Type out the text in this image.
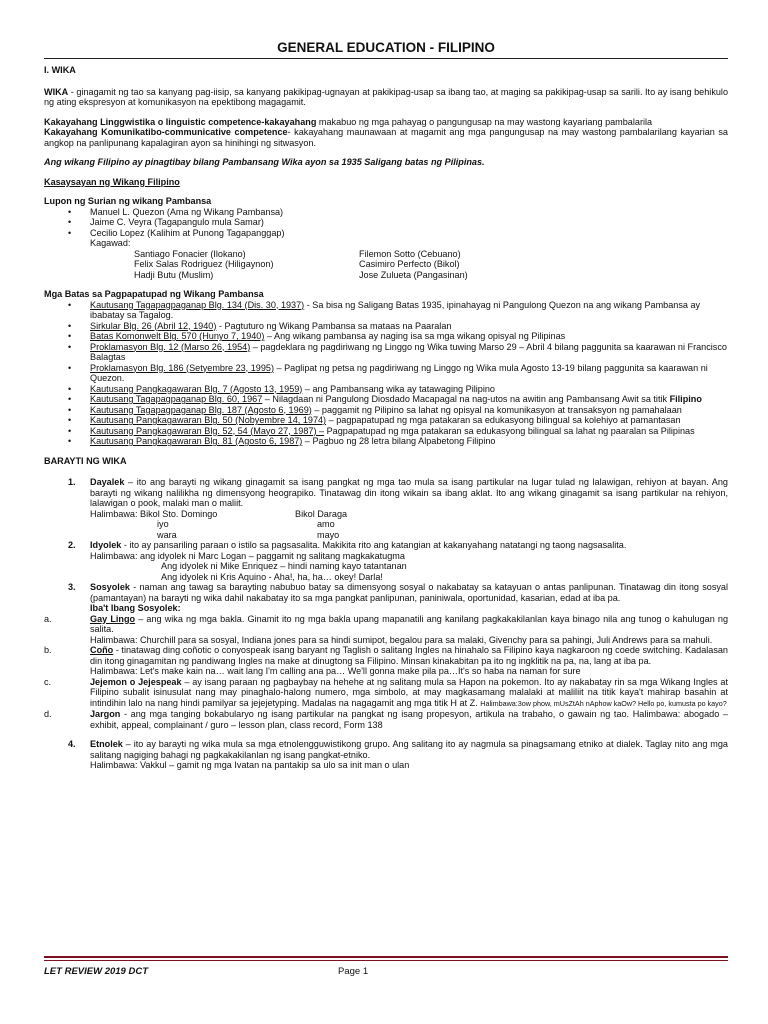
GENERAL EDUCATION - FILIPINO
I. WIKA

WIKA - ginagamit ng tao sa kanyang pag-iisip, sa kanyang pakikipag-ugnayan at pakikipag-usap sa ibang tao, at maging sa pakikipag-usap sa sarili. Ito ay isang behikulo ng ating ekspresyon at komunikasyon na epektibong magagamit.

Kakayahang Linggwistika o linguistic competence-kakayahang makabuo ng mga pahayag o pangungusap na may wastong kayariang pambalarila

Kakayahang Komunikatibo-communicative competence- kakayahang maunawaan at magamit ang mga pangungusap na may wastong pambalarilang kayarian sa angkop na panlipunang kapalagiran ayon sa hinihingi ng sitwasyon.

Ang wikang Filipino ay pinagtibay bilang Pambansang Wika ayon sa 1935 Saligang batas ng Pilipinas.

Kasaysayan ng Wikang Filipino

Lupon ng Surian ng wikang Pambansa

• Manuel L. Quezon (Ama ng Wikang Pambansa)
• Jaime C. Veyra (Tagapangulo mula Samar)
• Cecilio Lopez (Kalihim at Punong Tagapanggap)
Kagawad:
Santiago Fonacier (Ilokano)	Filemon Sotto (Cebuano)
Felix Salas Rodriguez (Hiligaynon)	Casimiro Perfecto (Bikol)
Hadji Butu (Muslim)	Jose Zulueta (Pangasinan)

Mga Batas sa Pagpapatupad ng Wikang Pambansa

• Kautusang Tagapagpaganap Blg. 134 (Dis. 30, 1937) - Sa bisa ng Saligang Batas 1935, ipinahayag ni Pangulong Quezon na ang wikang Pambansa ay ibabatay sa Tagalog.
• Sirkular Blg. 26 (Abril 12, 1940) - Pagtuturo ng Wikang Pambansa sa mataas na Paaralan
• Batas Komonwelt Blg. 570 (Hunyo 7, 1940) – Ang wikang pambansa ay naging isa sa mga wikang opisyal ng Pilipinas
• Proklamasyon Blg. 12 (Marso 26, 1954) – pagdeklara ng pagdiriwang ng Linggo ng Wika tuwing Marso 29 – Abril 4 bilang paggunita sa kaarawan ni Francisco Balagtas
• Proklamasyon Blg. 186 (Setyembre 23, 1995) – Paglipat ng petsa ng pagdiriwang ng Linggo ng Wika mula Agosto 13-19 bilang paggunita sa kaarawan ni Quezon.
• Kautusang Pangkagawaran Blg. 7 (Agosto 13, 1959) – ang Pambansang wika ay tatawaging Pilipino
• Kautusang Tagapagpaganap Blg. 60, 1967 – Nilagdaan ni Pangulong Diosdado Macapagal na nag-utos na awitin ang Pambansang Awit sa titik Filipino
• Kautusang Tagapagpaganap Blg. 187 (Agosto 6, 1969) – paggamit ng Pilipino sa lahat ng opisyal na komunikasyon at transaksyon ng pamahalaan
• Kautusang Pangkagawaran Blg. 50 (Nobyembre 14, 1974) – pagpapatupad ng mga patakaran sa edukasyong bilingual sa kolehiyo at pamantasan
• Kautusang Pangkagawaran Blg. 52, 54 (Mayo 27, 1987) – Pagpapatupad ng mga patakaran sa edukasyong bilingual sa lahat ng paaralan sa Pilipinas
• Kautusang Pangkagawaran Blg. 81 (Agosto 6, 1987) – Pagbuo ng 28 letra bilang Alpabetong Filipino
BARAYTI NG WIKA
1. Dayalek – ito ang barayti ng wikang ginagamit sa isang pangkat ng mga tao mula sa isang partikular na lugar tulad ng lalawigan, rehiyon at bayan. Ang barayti ng wikang nalilikha ng dimensyong heograpiko. Tinatawag din itong wikain sa ibang aklat. Ito ang wikang ginagamit sa isang partikular na rehiyon, lalawigan o pook, malaki man o maliit.
Halimbawa: Bikol Sto. Domingo	Bikol Daraga
iyo	amo
wara	mayo
2. Idyolek - ito ay pansariling paraan o istilo sa pagsasalita. Makikita rito ang katangian at kakanyahang natatangi ng taong nagsasalita.
Halimbawa: ang idyolek ni Marc Logan – paggamit ng salitang magkakatugma
Ang idyolek ni Mike Enriquez – hindi naming kayo tatantanan
Ang idyolek ni Kris Aquino - Aha!, ha, ha… okey! Darla!
3. Sosyolek - naman ang tawag sa barayting nabubuo batay sa dimensyong sosyal o nakabatay sa katayuan o antas panlipunan. Tinatawag din itong sosyal (pamantayan) na barayti ng wika dahil nakabatay ito sa mga pangkat panlipunan, paniniwala, oportunidad, kasarian, edad at iba pa.
Iba't Ibang Sosyolek:
a.	Gay Lingo – ang wika ng mga bakla. Ginamit ito ng mga bakla upang mapanatili ang kanilang pagkakakilanlan kaya binago nila ang tunog o kahulugan ng salita.
Halimbawa: Churchill para sa sosyal, Indiana jones para sa hindi sumipot, begalou para sa malaki, Givenchy para sa pahingi, Juli Andrews para sa mahuli.
b.	Coño - tinatawag ding coñotic o conyospeak isang baryant ng Taglish o salitang Ingles na hinahalo sa Filipino kaya nagkaroon ng coede switching. Kadalasan din itong ginagamitan ng pandiwang Ingles na make at dinugtong sa Filipino. Minsan kinakabitan pa ito ng ingklitik na pa, na, lang at iba pa.
Halimbawa: Let's make kain na… wait lang I'm calling ana pa… We'll gonna make pila pa…It's so haba na naman for sure
c.	Jejemon o Jejespeak – ay isang paraan ng pagbaybay na hehehe at ng salitang mula sa Hapon na pokemon. Ito ay nakabatay rin sa mga Wikang Ingles at Filipino subalit isinusulat nang may pinaghalo-halong numero, mga simbolo, at may magkasamang malalaki at maliliit na titik kaya't mahirap basahin at intindihin lalo na nang hindi pamilyar sa jejejetyping. Madalas na nagagamit ang mga titik H at Z. Halimbawa:3ow phow, mUsZtAh nAphow kaOw? Hello po, kumusta po kayo?
d.	Jargon - ang mga tanging bokabularyo ng isang partikular na pangkat ng isang propesyon, artikula na trabaho, o gawain ng tao. Halimbawa: abogado – exhibit, appeal, complainant / guro – lesson plan, class record, Form 138
4. Etnolek – ito ay barayti ng wika mula sa mga etnolengguwistikong grupo. Ang salitang ito ay nagmula sa pinagsamang etniko at dialek. Taglay nito ang mga salitang nagiging bahagi ng pagkakakilanlan ng isang pangkat-etniko.
Halimbawa: Vakkul – gamit ng mga Ivatan na pantakip sa ulo sa init man o ulan
LET REVIEW 2019 DCT	Page 1
